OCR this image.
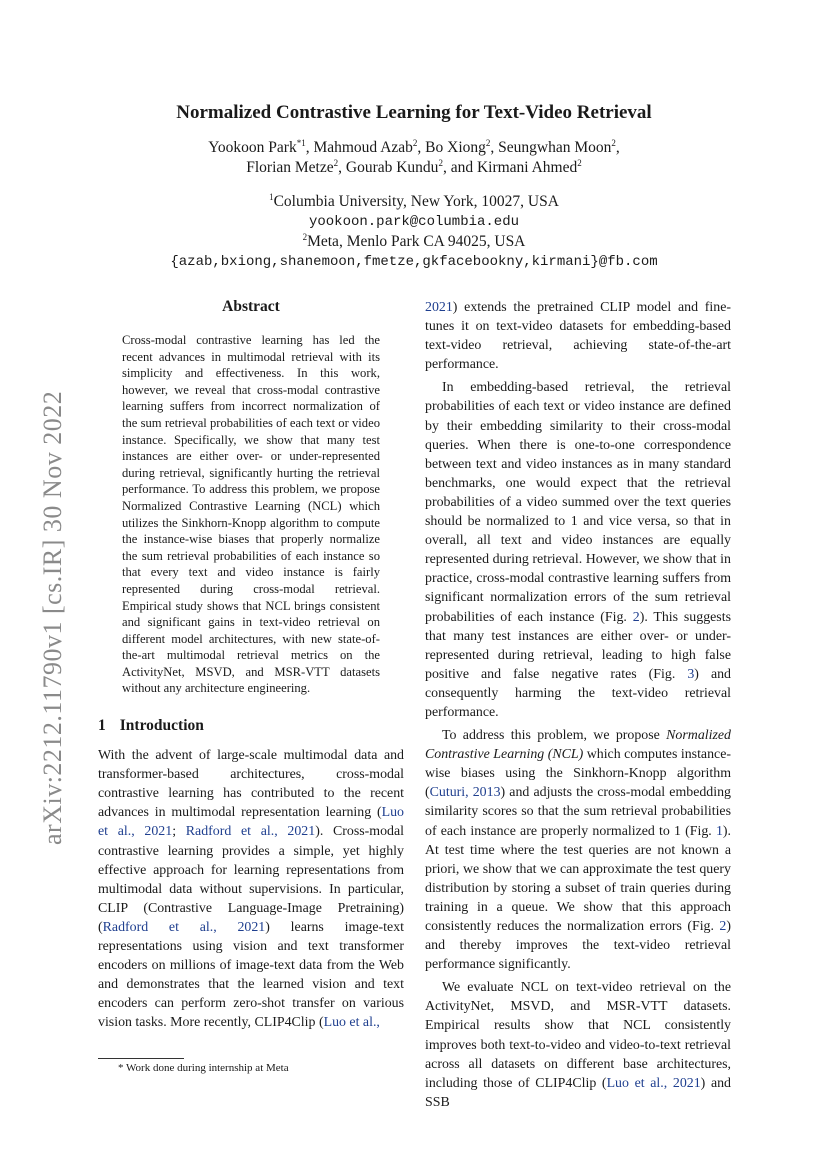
arXiv:2212.11790v1 [cs.IR] 30 Nov 2022
Normalized Contrastive Learning for Text-Video Retrieval
Yookoon Park$^{*1}$, Mahmoud Azab$^2$, Bo Xiong$^2$, Seungwhan Moon$^2$,
Florian Metze$^2$, Gourab Kundu$^2$, and Kirmani Ahmed$^2$
$^1$Columbia University, New York, 10027, USA
yookoon.park@columbia.edu
$^2$Meta, Menlo Park CA 94025, USA
{azab,bxiong,shanemoon,fmetze,gkfacebookny,kirmani}@fb.com
Abstract

Cross-modal contrastive learning has led the recent advances in multimodal retrieval with its simplicity and effectiveness. In this work, however, we reveal that cross-modal contrastive learning suffers from incorrect normalization of the sum retrieval probabilities of each text or video instance. Specifically, we show that many test instances are either over- or under-represented during retrieval, significantly hurting the retrieval performance. To address this problem, we propose Normalized Contrastive Learning (NCL) which utilizes the Sinkhorn-Knopp algorithm to compute the instance-wise biases that properly normalize the sum retrieval probabilities of each instance so that every text and video instance is fairly represented during cross-modal retrieval. Empirical study shows that NCL brings consistent and significant gains in text-video retrieval on different model architectures, with new state-of-the-art multimodal retrieval metrics on the ActivityNet, MSVD, and MSR-VTT datasets without any architecture engineering.

1 Introduction

With the advent of large-scale multimodal data and transformer-based architectures, cross-modal contrastive learning has contributed to the recent advances in multimodal representation learning (Luo et al., 2021; Radford et al., 2021). Cross-modal contrastive learning provides a simple, yet highly effective approach for learning representations from multimodal data without supervisions. In particular, CLIP (Contrastive Language-Image Pretraining) (Radford et al., 2021) learns image-text representations using vision and text transformer encoders on millions of image-text data from the Web and demonstrates that the learned vision and text encoders can perform zero-shot transfer on various vision tasks. More recently, CLIP4Clip (Luo et al.,

2021) extends the pretrained CLIP model and fine-tunes it on text-video datasets for embedding-based text-video retrieval, achieving state-of-the-art performance.

In embedding-based retrieval, the retrieval probabilities of each text or video instance are defined by their embedding similarity to their cross-modal queries. When there is one-to-one correspondence between text and video instances as in many standard benchmarks, one would expect that the retrieval probabilities of a video summed over the text queries should be normalized to 1 and vice versa, so that in overall, all text and video instances are equally represented during retrieval. However, we show that in practice, cross-modal contrastive learning suffers from significant normalization errors of the sum retrieval probabilities of each instance (Fig. 2). This suggests that many test instances are either over- or under-represented during retrieval, leading to high false positive and false negative rates (Fig. 3) and consequently harming the text-video retrieval performance.

To address this problem, we propose Normalized Contrastive Learning (NCL) which computes instance-wise biases using the Sinkhorn-Knopp algorithm (Cuturi, 2013) and adjusts the cross-modal embedding similarity scores so that the sum retrieval probabilities of each instance are properly normalized to 1 (Fig. 1). At test time where the test queries are not known a priori, we show that we can approximate the test query distribution by storing a subset of train queries during training in a queue. We show that this approach consistently reduces the normalization errors (Fig. 2) and thereby improves the text-video retrieval performance significantly.

We evaluate NCL on text-video retrieval on the ActivityNet, MSVD, and MSR-VTT datasets. Empirical results show that NCL consistently improves both text-to-video and video-to-text retrieval across all datasets on different base architectures, including those of CLIP4Clip (Luo et al., 2021) and SSB

* Work done during internship at Meta
